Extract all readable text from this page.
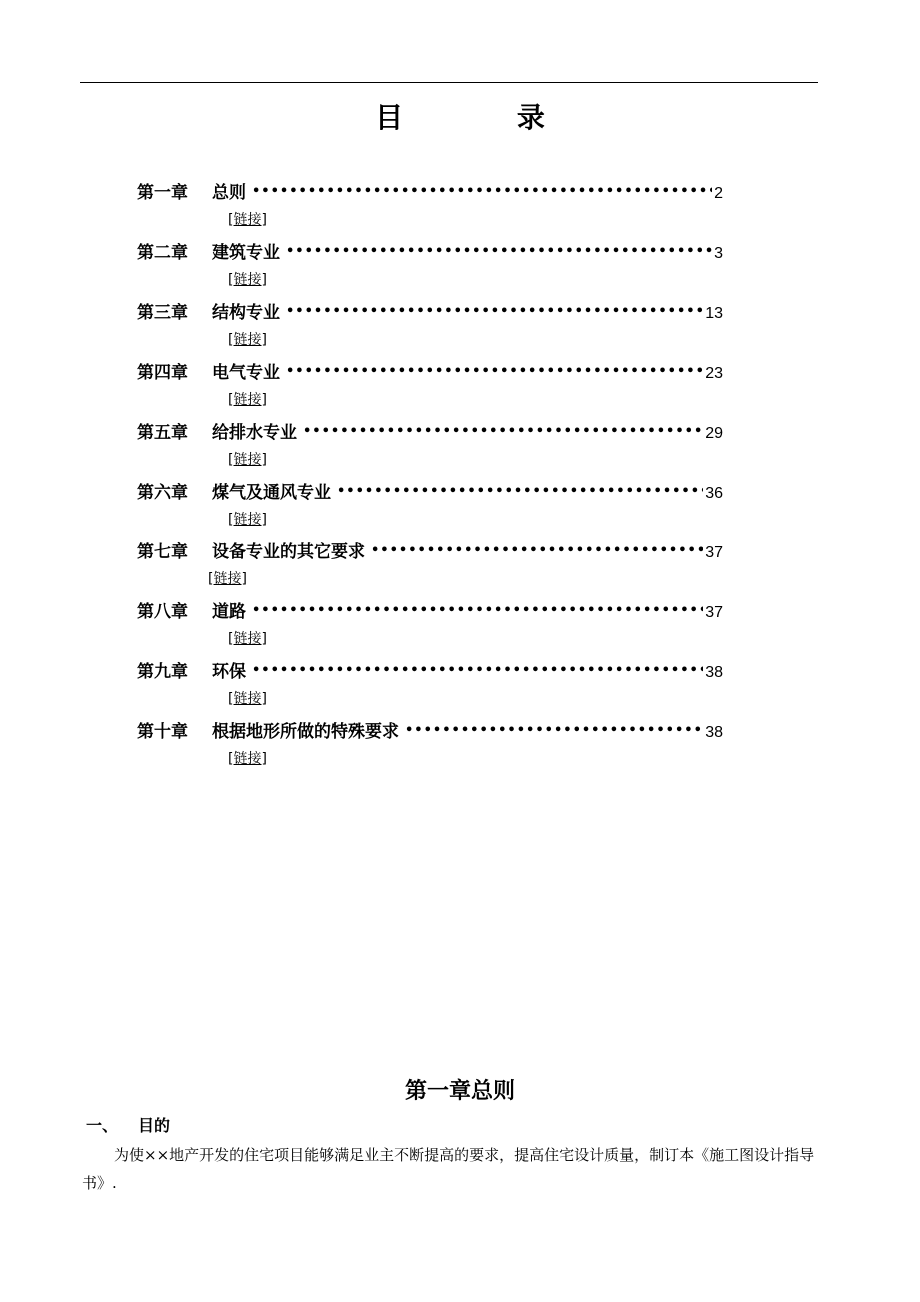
目 录
第一章	总则 •••••	2
[链接]
第二章	建筑专业 •••••	3
[链接]
第三章	结构专业 •••••	13
[链接]
第四章	电气专业 •••••	23
[链接]
第五章	给排水专业 •••••	29
[链接]
第六章	煤气及通风专业 •••••	36
[链接]
第七章	设备专业的其它要求 •••••	37
[链接]
第八章	道路 •••••	37
[链接]
第九章	环保 •••••	38
[链接]
第十章	根据地形所做的特殊要求 •••••	38
[链接]
第一章总则
一、	目的
为使××地产开发的住宅项目能够满足业主不断提高的要求，提高住宅设计质量，制订本《施工图设计指导书》.
